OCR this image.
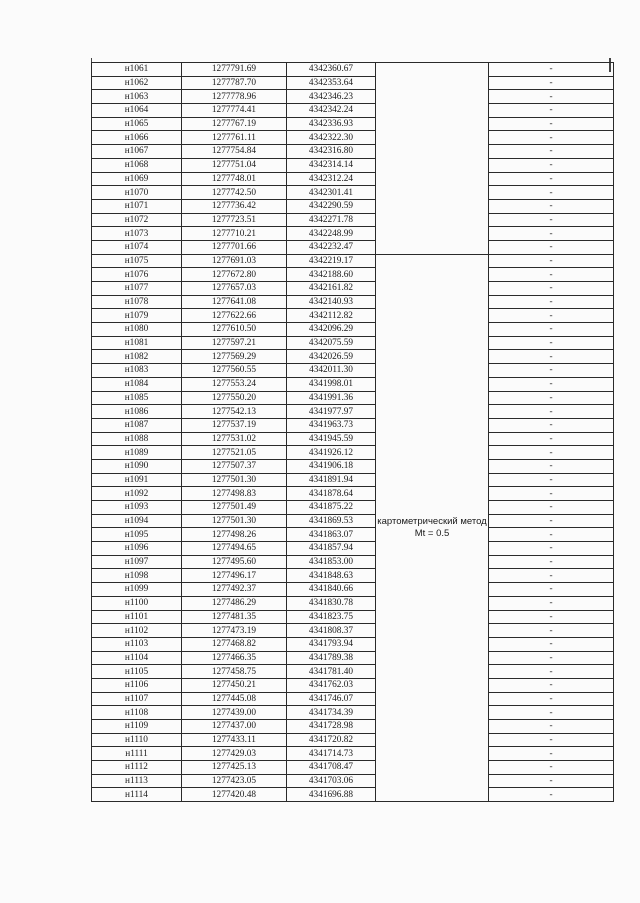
н1061	1277791.69	4342360.67		-
н1062	1277787.70	4342353.64		-
н1063	1277778.96	4342346.23		-
н1064	1277774.41	4342342.24		-
н1065	1277767.19	4342336.93		-
н1066	1277761.11	4342322.30		-
н1067	1277754.84	4342316.80		-
н1068	1277751.04	4342314.14		-
н1069	1277748.01	4342312.24		-
н1070	1277742.50	4342301.41		-
н1071	1277736.42	4342290.59		-
н1072	1277723.51	4342271.78		-
н1073	1277710.21	4342248.99		-
н1074	1277701.66	4342232.47		-
н1075	1277691.03	4342219.17	картометрический метод Mt = 0.5	-
н1076	1277672.80	4342188.60		-
н1077	1277657.03	4342161.82		-
н1078	1277641.08	4342140.93		-
н1079	1277622.66	4342112.82		-
н1080	1277610.50	4342096.29		-
н1081	1277597.21	4342075.59		-
н1082	1277569.29	4342026.59		-
н1083	1277560.55	4342011.30		-
н1084	1277553.24	4341998.01		-
н1085	1277550.20	4341991.36		-
н1086	1277542.13	4341977.97		-
н1087	1277537.19	4341963.73		-
н1088	1277531.02	4341945.59		-
н1089	1277521.05	4341926.12		-
н1090	1277507.37	4341906.18		-
н1091	1277501.30	4341891.94		-
н1092	1277498.83	4341878.64		-
н1093	1277501.49	4341875.22		-
н1094	1277501.30	4341869.53		-
н1095	1277498.26	4341863.07		-
н1096	1277494.65	4341857.94		-
н1097	1277495.60	4341853.00		-
н1098	1277496.17	4341848.63		-
н1099	1277492.37	4341840.66		-
н1100	1277486.29	4341830.78		-
н1101	1277481.35	4341823.75		-
н1102	1277473.19	4341808.37		-
н1103	1277468.82	4341793.94		-
н1104	1277466.35	4341789.38		-
н1105	1277458.75	4341781.40		-
н1106	1277450.21	4341762.03		-
н1107	1277445.08	4341746.07		-
н1108	1277439.00	4341734.39		-
н1109	1277437.00	4341728.98		-
н1110	1277433.11	4341720.82		-
н1111	1277429.03	4341714.73		-
н1112	1277425.13	4341708.47		-
н1113	1277423.05	4341703.06		-
н1114	1277420.48	4341696.88		-
